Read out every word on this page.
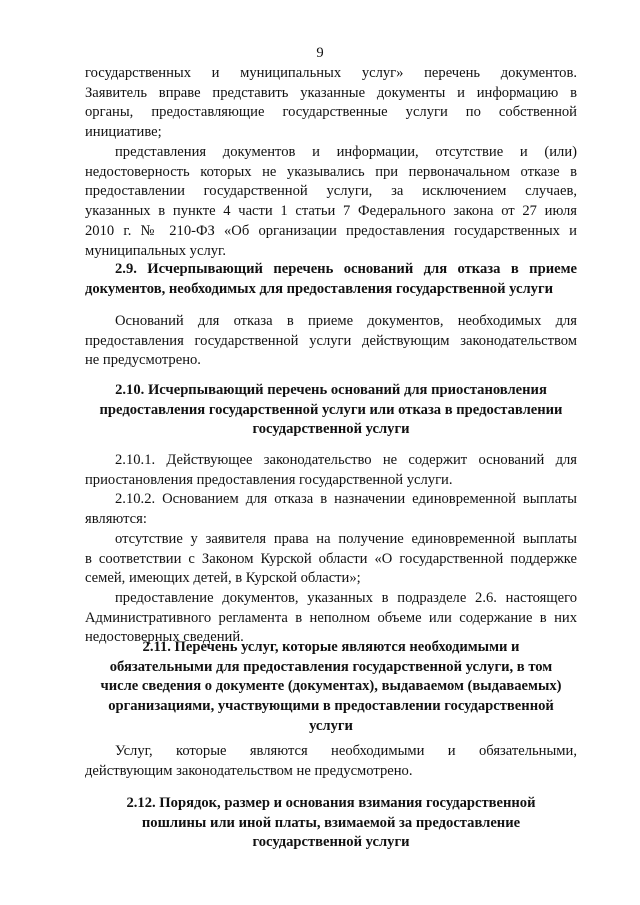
9

государственных и муниципальных услуг» перечень документов.

Заявитель вправе представить указанные документы и информацию в

органы, предоставляющие государственные услуги по собственной

инициативе;

представления документов и информации, отсутствие и (или)

недостоверность которых не указывались при первоначальном отказе в

предоставлении государственной услуги, за исключением случаев,

указанных в пункте 4 части 1 статьи 7 Федерального закона от 27 июля

2010 г. № 210-ФЗ «Об организации предоставления государственных и

муниципальных услуг.

2.9. Исчерпывающий перечень оснований для отказа в приеме

документов, необходимых для предоставления государственной услуги

Оснований для отказа в приеме документов, необходимых для

предоставления государственной услуги действующим законодательством

не предусмотрено.

2.10. Исчерпывающий перечень оснований для приостановления

предоставления государственной услуги или отказа в предоставлении

государственной услуги

2.10.1. Действующее законодательство не содержит оснований для

приостановления предоставления государственной услуги.

2.10.2. Основанием для отказа в назначении единовременной выплаты

являются:

отсутствие у заявителя права на получение единовременной выплаты

в соответствии с Законом Курской области «О государственной поддержке

семей, имеющих детей, в Курской области»;

предоставление документов, указанных в подразделе 2.6. настоящего

Административного регламента в неполном объеме или содержание в них

недостоверных сведений.

2.11. Перечень услуг, которые являются необходимыми и

обязательными для предоставления государственной услуги, в том

числе сведения о документе (документах), выдаваемом (выдаваемых)

организациями, участвующими в предоставлении государственной

услуги

Услуг, которые являются необходимыми и обязательными,

действующим законодательством не предусмотрено.

2.12. Порядок, размер и основания взимания государственной

пошлины или иной платы, взимаемой за предоставление

государственной услуги
